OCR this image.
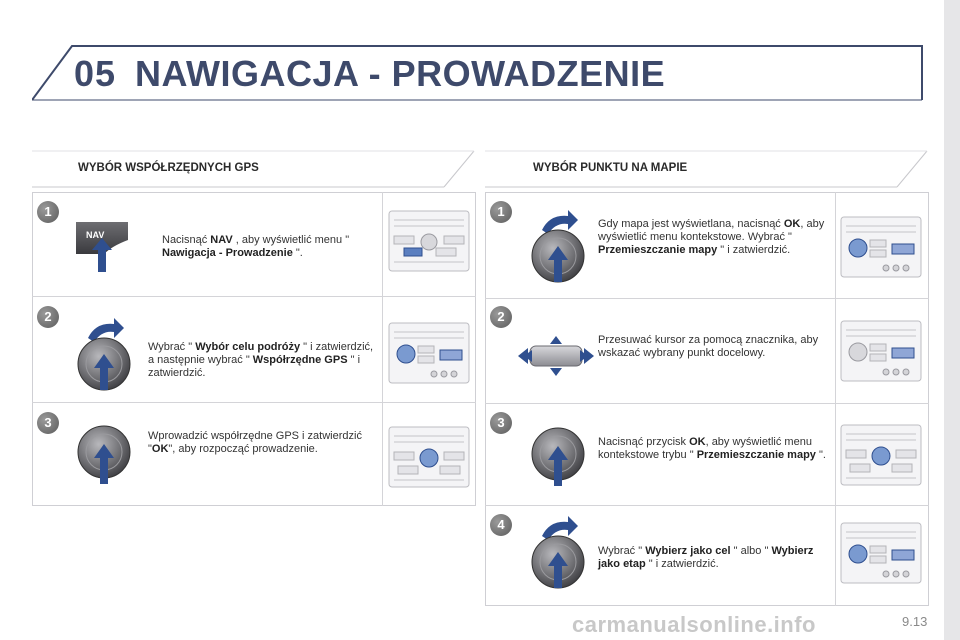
05 NAWIGACJA - PROWADZENIE
WYBÓR WSPÓŁRZĘDNYCH GPS	WYBÓR PUNKTU NA MAPIE
1
NAV	Nacisnąć NAV , aby wyświetlić menu " Nawigacja - Prowadzenie ".
2
Wybrać " Wybór celu podróży " i zatwierdzić, a następnie wybrać " Współrzędne GPS " i zatwierdzić.
3
Wprowadzić współrzędne GPS i zatwierdzić "OK", aby rozpocząć prowadzenie.
1
Gdy mapa jest wyświetlana, nacisnąć OK, aby wyświetlić menu kontekstowe. Wybrać " Przemieszczanie mapy " i zatwierdzić.
2
Przesuwać kursor za pomocą znacznika, aby wskazać wybrany punkt docelowy.
3
Nacisnąć przycisk OK, aby wyświetlić menu kontekstowe trybu " Przemieszczanie mapy ".
4
Wybrać " Wybierz jako cel " albo " Wybierz jako etap " i zatwierdzić.
carmanualsonline.info	9.13
